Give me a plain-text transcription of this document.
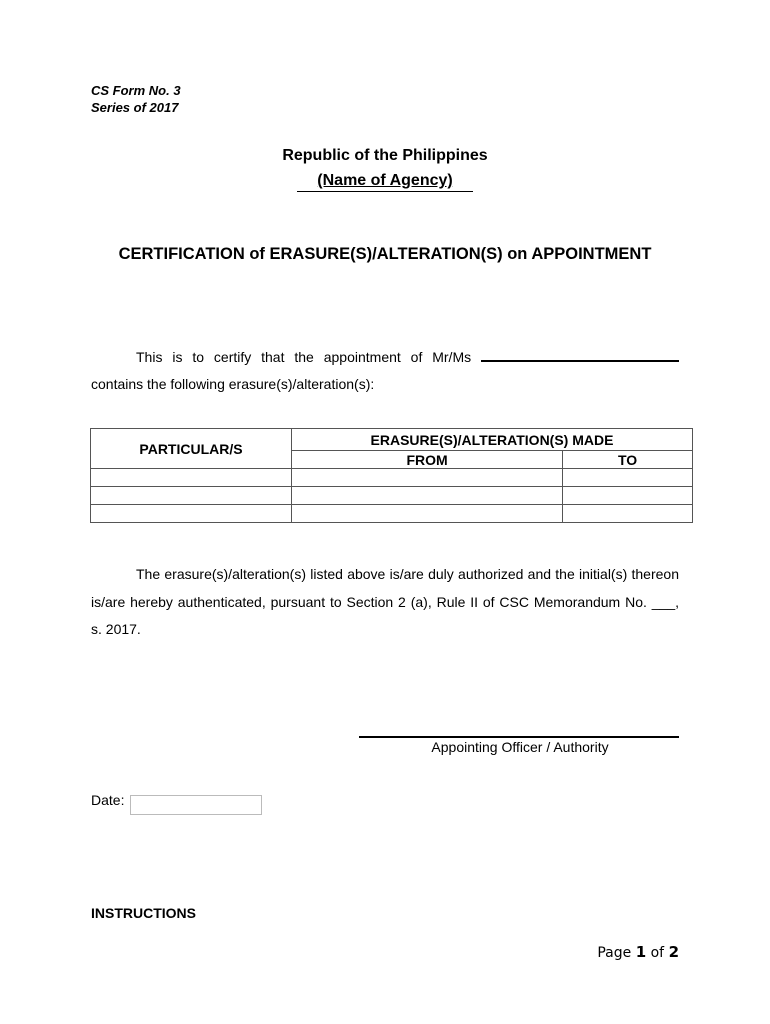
CS Form No. 3
Series of 2017
Republic of the Philippines
(Name of Agency)
CERTIFICATION of ERASURE(S)/ALTERATION(S) on APPOINTMENT
This is to certify that the appointment of Mr/Ms
contains the following erasure(s)/alteration(s):
PARTICULAR/S	ERASURE(S)/ALTERATION(S) MADE	
	FROM	TO

The erasure(s)/alteration(s) listed above is/are duly authorized and the initial(s) thereon is/are hereby authenticated, pursuant to Section 2 (a), Rule II of CSC Memorandum No. ___, s. 2017.
Appointing Officer / Authority
Date:
INSTRUCTIONS
Page 1 of 2
